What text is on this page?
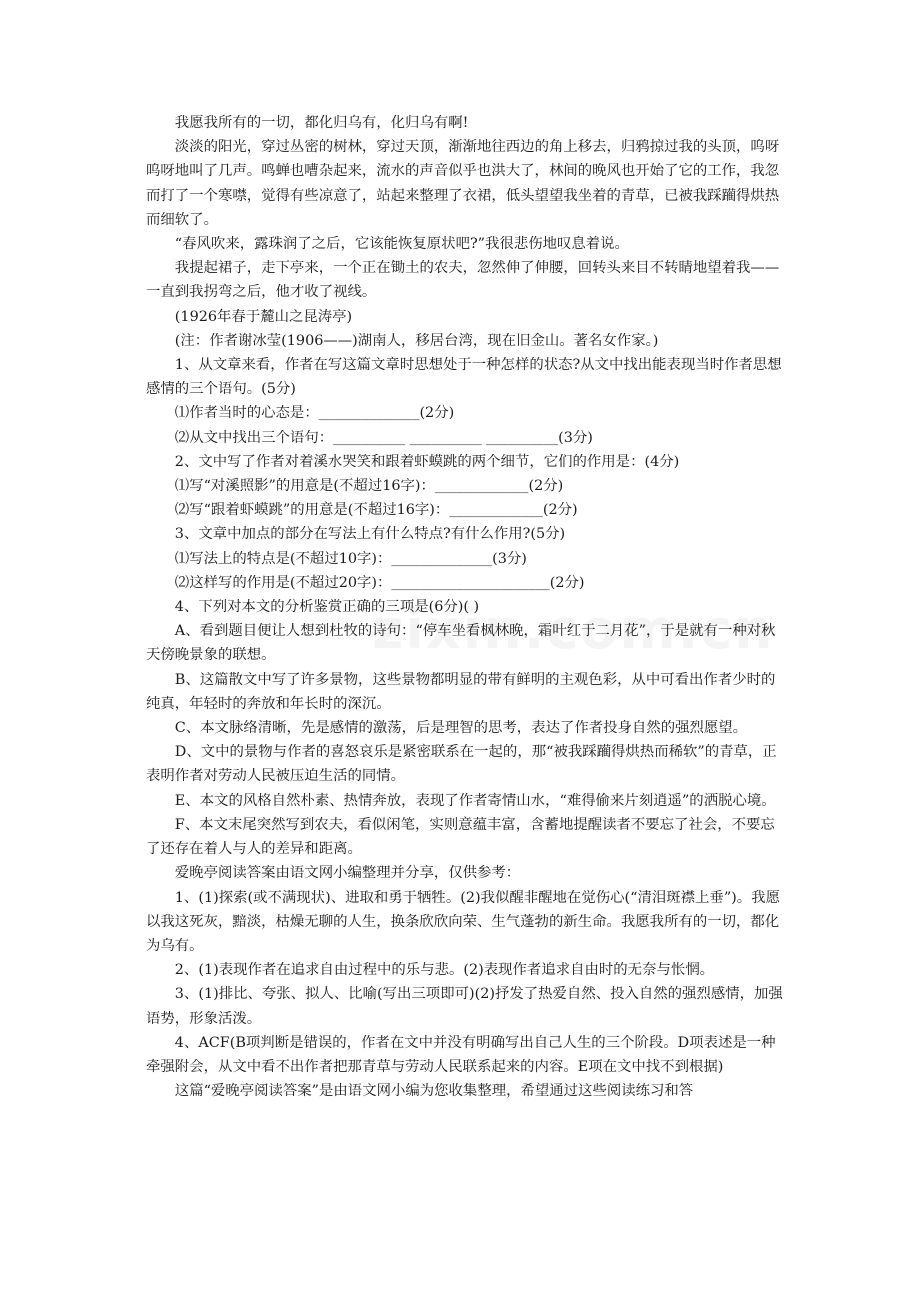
我愿我所有的一切，都化归乌有，化归乌有啊!

淡淡的阳光，穿过丛密的树林，穿过天顶，渐渐地往西边的角上移去，归鸦掠过我的头顶，呜呀呜呀地叫了几声。鸣蝉也嘈杂起来，流水的声音似乎也洪大了，林间的晚风也开始了它的工作，我忽而打了一个寒噤，觉得有些凉意了，站起来整理了衣裙，低头望望我坐着的青草，已被我踩躏得烘热而细软了。

“春风吹来，露珠润了之后，它该能恢复原状吧?”我很悲伤地叹息着说。

我提起裙子，走下亭来，一个正在锄土的农夫，忽然伸了伸腰，回转头来目不转睛地望着我——一直到我拐弯之后，他才收了视线。

(1926年春于麓山之昆涛亭)

(注：作者谢冰莹(1906——)湖南人，移居台湾，现在旧金山。著名女作家。)

1、从文章来看，作者在写这篇文章时思想处于一种怎样的状态?从文中找出能表现当时作者思想感情的三个语句。(5分)

⑴作者当时的心态是：______________(2分)

⑵从文中找出三个语句：__________ __________ __________(3分)

2、文中写了作者对着溪水哭笑和跟着虾蟆跳的两个细节，它们的作用是：(4分)

⑴写“对溪照影”的用意是(不超过16字)：_____________(2分)

⑵写“跟着虾蟆跳”的用意是(不超过16字)：_____________(2分)

3、文章中加点的部分在写法上有什么特点?有什么作用?(5分)

⑴写法上的特点是(不超过10字)：______________(3分)

⑵这样写的作用是(不超过20字)：______________________(2分)

4、下列对本文的分析鉴赏正确的三项是(6分)( )

A、看到题目便让人想到杜牧的诗句：“停车坐看枫林晚，霜叶红于二月花”，于是就有一种对秋天傍晚景象的联想。

B、这篇散文中写了许多景物，这些景物都明显的带有鲜明的主观色彩，从中可看出作者少时的纯真，年轻时的奔放和年长时的深沉。

C、本文脉络清晰，先是感情的激荡，后是理智的思考，表达了作者投身自然的强烈愿望。

D、文中的景物与作者的喜怒哀乐是紧密联系在一起的，那“被我踩躏得烘热而稀软”的青草，正表明作者对劳动人民被压迫生活的同情。

E、本文的风格自然朴素、热情奔放，表现了作者寄情山水，“难得偷来片刻逍遥”的洒脱心境。

F、本文末尾突然写到农夫，看似闲笔，实则意蕴丰富，含蓄地提醒读者不要忘了社会，不要忘了还存在着人与人的差异和距离。

爱晚亭阅读答案由语文网小编整理并分享，仅供参考：

1、(1)探索(或不满现状)、进取和勇于牺牲。(2)我似醒非醒地在觉伤心(“清泪斑襟上垂”)。我愿以我这死灰，黯淡，枯燥无聊的人生，换条欣欣向荣、生气蓬勃的新生命。我愿我所有的一切，都化为乌有。

2、(1)表现作者在追求自由过程中的乐与悲。(2)表现作者追求自由时的无奈与怅惘。

3、(1)排比、夸张、拟人、比喻(写出三项即可)(2)抒发了热爱自然、投入自然的强烈感情，加强语势，形象活泼。

4、ACF(B项判断是错误的，作者在文中并没有明确写出自己人生的三个阶段。D项表述是一种牵强附会，从文中看不出作者把那青草与劳动人民联系起来的内容。E项在文中找不到根据)

这篇“爱晚亭阅读答案”是由语文网小编为您收集整理，希望通过这些阅读练习和答
